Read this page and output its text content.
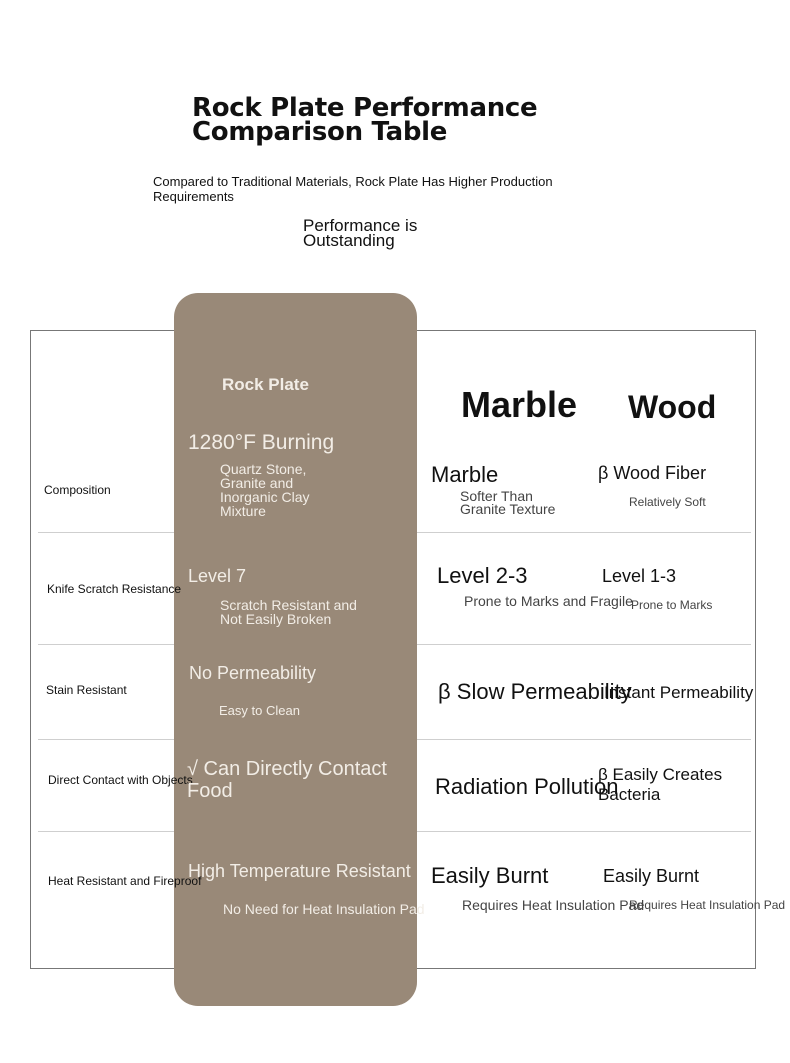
Rock Plate Performance Comparison Table
Compared to Traditional Materials, Rock Plate Has Higher Production Requirements
Performance is Outstanding
Rock Plate	Marble Wood
Composition
1280°F Burning
Quartz Stone, Granite and Inorganic Clay Mixture
Marble
Softer Than Granite Texture
β Wood Fiber
Relatively Soft
Knife Scratch Resistance
Level 7
Scratch Resistant and Not Easily Broken
Level 2-3
Prone to Marks and Fragile
Level 1-3
Prone to Marks
Stain Resistant
No Permeability
Easy to Clean
β Slow Permeability
Instant Permeability
Direct Contact with Objects
√ Can Directly Contact Food	Radiation Pollution
β Easily Creates Bacteria
Heat Resistant and Fireproof
High Temperature Resistant
No Need for Heat Insulation Pad
Easily Burnt
Requires Heat Insulation Pad
Easily Burnt
Requires Heat Insulation Pad
